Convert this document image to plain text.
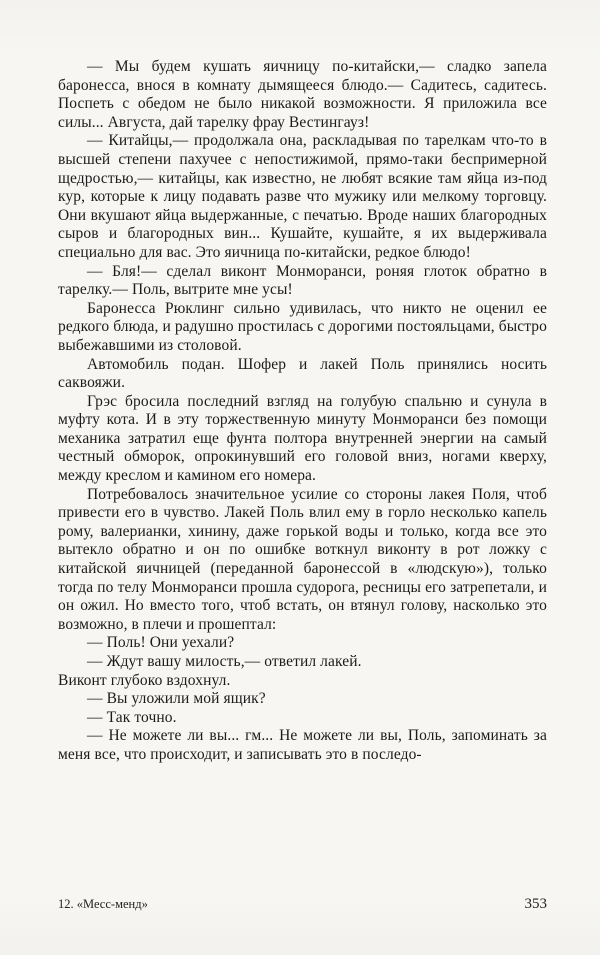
— Мы будем кушать яичницу по-китайски,— сладко запела баронесса, внося в комнату дымящееся блюдо.— Садитесь, садитесь. Поспеть с обедом не было никакой возможности. Я приложила все силы... Августа, дай тарелку фрау Вестингауз!

— Китайцы,— продолжала она, раскладывая по тарелкам что-то в высшей степени пахучее с непостижимой, прямо-таки беспримерной щедростью,— китайцы, как известно, не любят всякие там яйца из-под кур, которые к лицу подавать разве что мужику или мелкому торговцу. Они вкушают яйца выдержанные, с печатью. Вроде наших благородных сыров и благородных вин... Кушайте, кушайте, я их выдерживала специально для вас. Это яичница по-китайски, редкое блюдо!

— Бля!— сделал виконт Монморанси, роняя глоток обратно в тарелку.— Поль, вытрите мне усы!

Баронесса Рюклинг сильно удивилась, что никто не оценил ее редкого блюда, и радушно простилась с дорогими постояльцами, быстро выбежавшими из столовой.

Автомобиль подан. Шофер и лакей Поль принялись носить саквояжи.

Грэс бросила последний взгляд на голубую спальню и сунула в муфту кота. И в эту торжественную минуту Монморанси без помощи механика затратил еще фунта полтора внутренней энергии на самый честный обморок, опрокинувший его головой вниз, ногами кверху, между креслом и камином его номера.

Потребовалось значительное усилие со стороны лакея Поля, чтоб привести его в чувство. Лакей Поль влил ему в горло несколько капель рому, валерианки, хинину, даже горькой воды и только, когда все это вытекло обратно и он по ошибке воткнул виконту в рот ложку с китайской яичницей (переданной баронессой в «людскую»), только тогда по телу Монморанси прошла судорога, ресницы его затрепетали, и он ожил. Но вместо того, чтоб встать, он втянул голову, насколько это возможно, в плечи и прошептал:

— Поль! Они уехали?

— Ждут вашу милость,— ответил лакей.

Виконт глубоко вздохнул.

— Вы уложили мой ящик?

— Так точно.

— Не можете ли вы... гм... Не можете ли вы, Поль, запоминать за меня все, что происходит, и записывать это в последо-

12. «Месс-менд»	353
